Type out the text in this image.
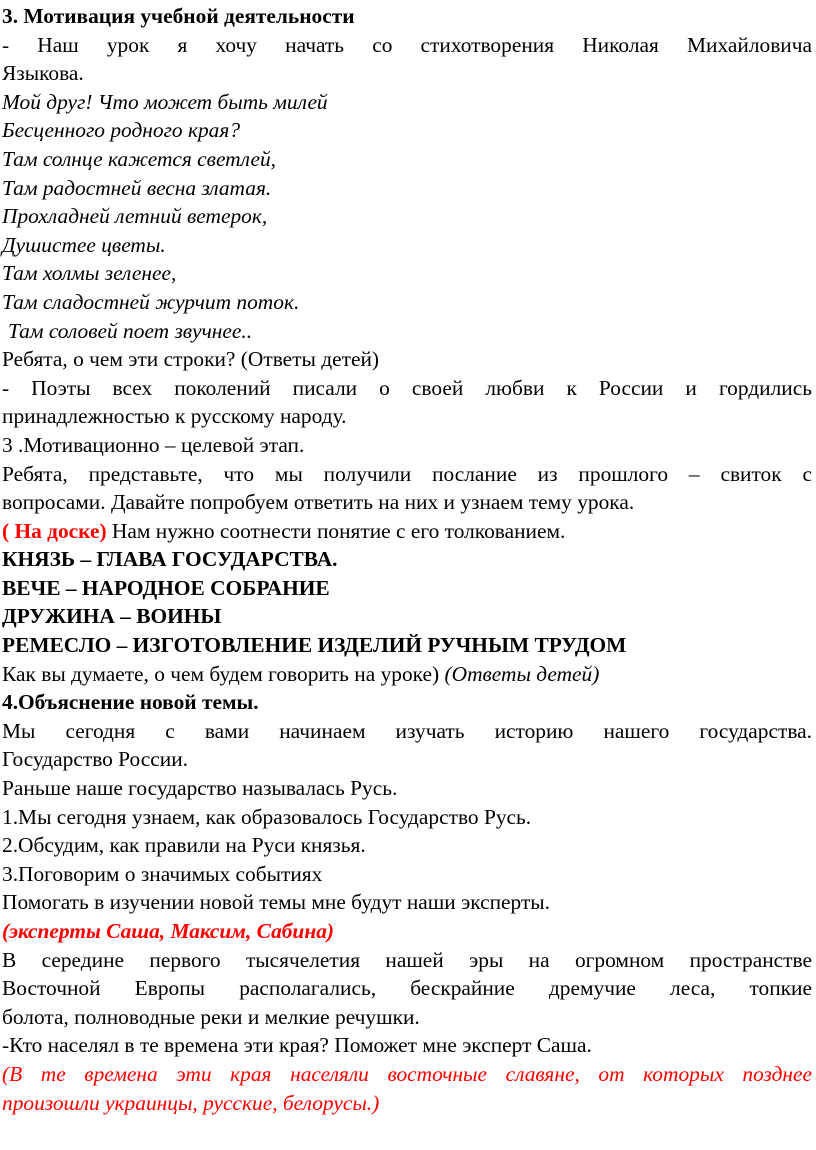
3. Мотивация учебной деятельности
- Наш урок я хочу начать со стихотворения Николая Михайловича
Языкова.
Мой друг! Что может быть милей
Бесценного родного края?
Там солнце кажется светлей,
Там радостней весна златая.
Прохладней летний ветерок,
Душистее цветы.
Там холмы зеленее,
Там сладостней журчит поток.
Там соловей поет звучнее..
Ребята, о чем эти строки? (Ответы детей)
- Поэты всех поколений писали о своей любви к России и гордились
принадлежностью к русскому народу.
3 .Мотивационно – целевой этап.
Ребята, представьте, что мы получили послание из прошлого – свиток с
вопросами. Давайте попробуем ответить на них и узнаем тему урока.
( На доске) Нам нужно соотнести понятие с его толкованием.
КНЯЗЬ – ГЛАВА ГОСУДАРСТВА.
ВЕЧЕ – НАРОДНОЕ СОБРАНИЕ
ДРУЖИНА – ВОИНЫ
РЕМЕСЛО – ИЗГОТОВЛЕНИЕ ИЗДЕЛИЙ РУЧНЫМ ТРУДОМ
Как вы думаете, о чем будем говорить на уроке) (Ответы детей)
4.Объяснение новой темы.
Мы сегодня с вами начинаем изучать историю нашего государства.
Государство России.
Раньше наше государство называлась Русь.
1.Мы сегодня узнаем, как образовалось Государство Русь.
2.Обсудим, как правили на Руси князья.
3.Поговорим о значимых событиях
Помогать в изучении новой темы мне будут наши эксперты.
(эксперты Саша, Максим, Сабина)
В середине первого тысячелетия нашей эры на огромном пространстве
Восточной Европы располагались, бескрайние дремучие леса, топкие
болота, полноводные реки и мелкие речушки.
-Кто населял в те времена эти края? Поможет мне эксперт Саша.
(В те времена эти края населяли восточные славяне, от которых позднее
произошли украинцы, русские, белорусы.)
